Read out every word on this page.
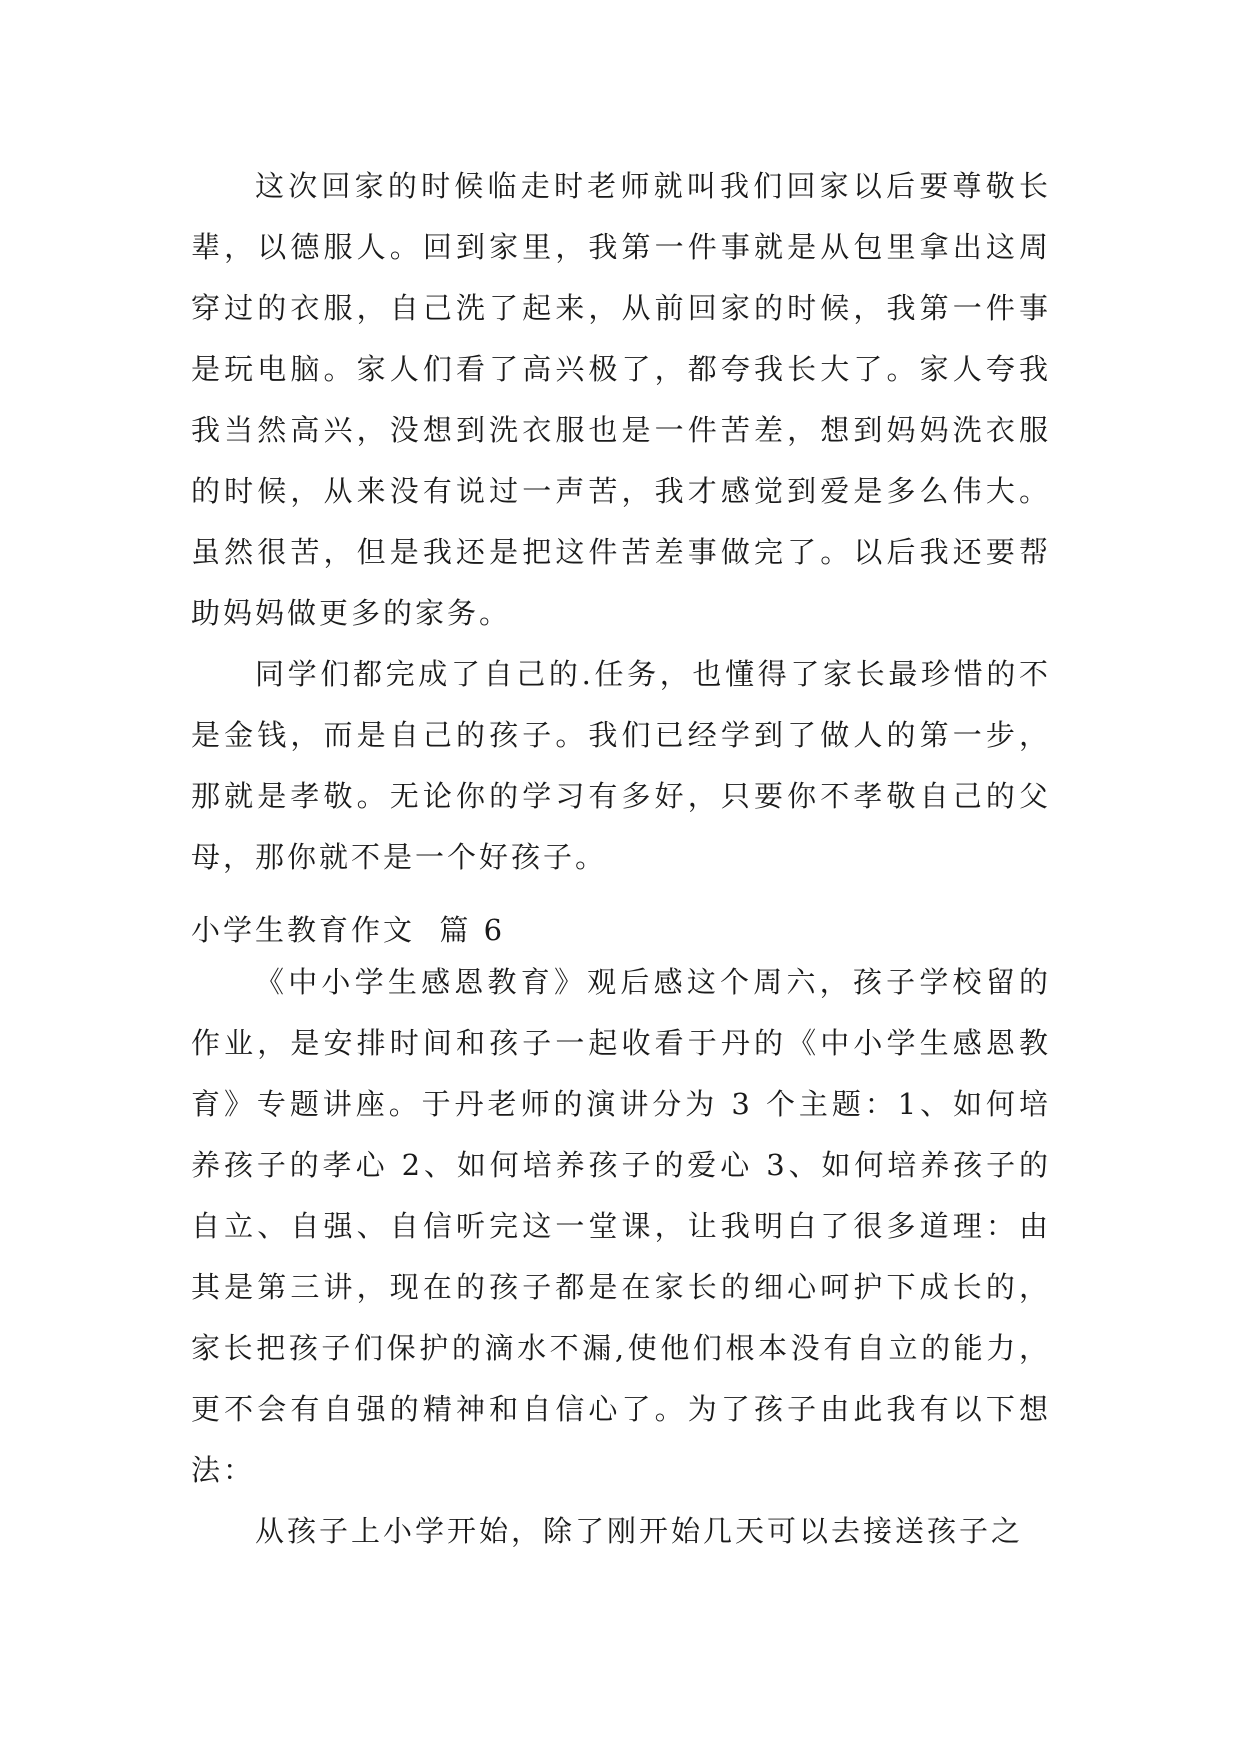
这次回家的时候临走时老师就叫我们回家以后要尊敬长辈，以德服人。回到家里，我第一件事就是从包里拿出这周穿过的衣服，自己洗了起来，从前回家的时候，我第一件事是玩电脑。家人们看了高兴极了，都夸我长大了。家人夸我我当然高兴，没想到洗衣服也是一件苦差，想到妈妈洗衣服的时候，从来没有说过一声苦，我才感觉到爱是多么伟大。虽然很苦，但是我还是把这件苦差事做完了。以后我还要帮助妈妈做更多的家务。

同学们都完成了自己的.任务，也懂得了家长最珍惜的不是金钱，而是自己的孩子。我们已经学到了做人的第一步，那就是孝敬。无论你的学习有多好，只要你不孝敬自己的父母，那你就不是一个好孩子。

小学生教育作文  篇 6

《中小学生感恩教育》观后感这个周六，孩子学校留的作业，是安排时间和孩子一起收看于丹的《中小学生感恩教育》专题讲座。于丹老师的演讲分为 3 个主题：1、如何培养孩子的孝心 2、如何培养孩子的爱心 3、如何培养孩子的自立、自强、自信听完这一堂课，让我明白了很多道理：由其是第三讲，现在的孩子都是在家长的细心呵护下成长的，家长把孩子们保护的滴水不漏,使他们根本没有自立的能力，更不会有自强的精神和自信心了。为了孩子由此我有以下想法：

从孩子上小学开始，除了刚开始几天可以去接送孩子之
